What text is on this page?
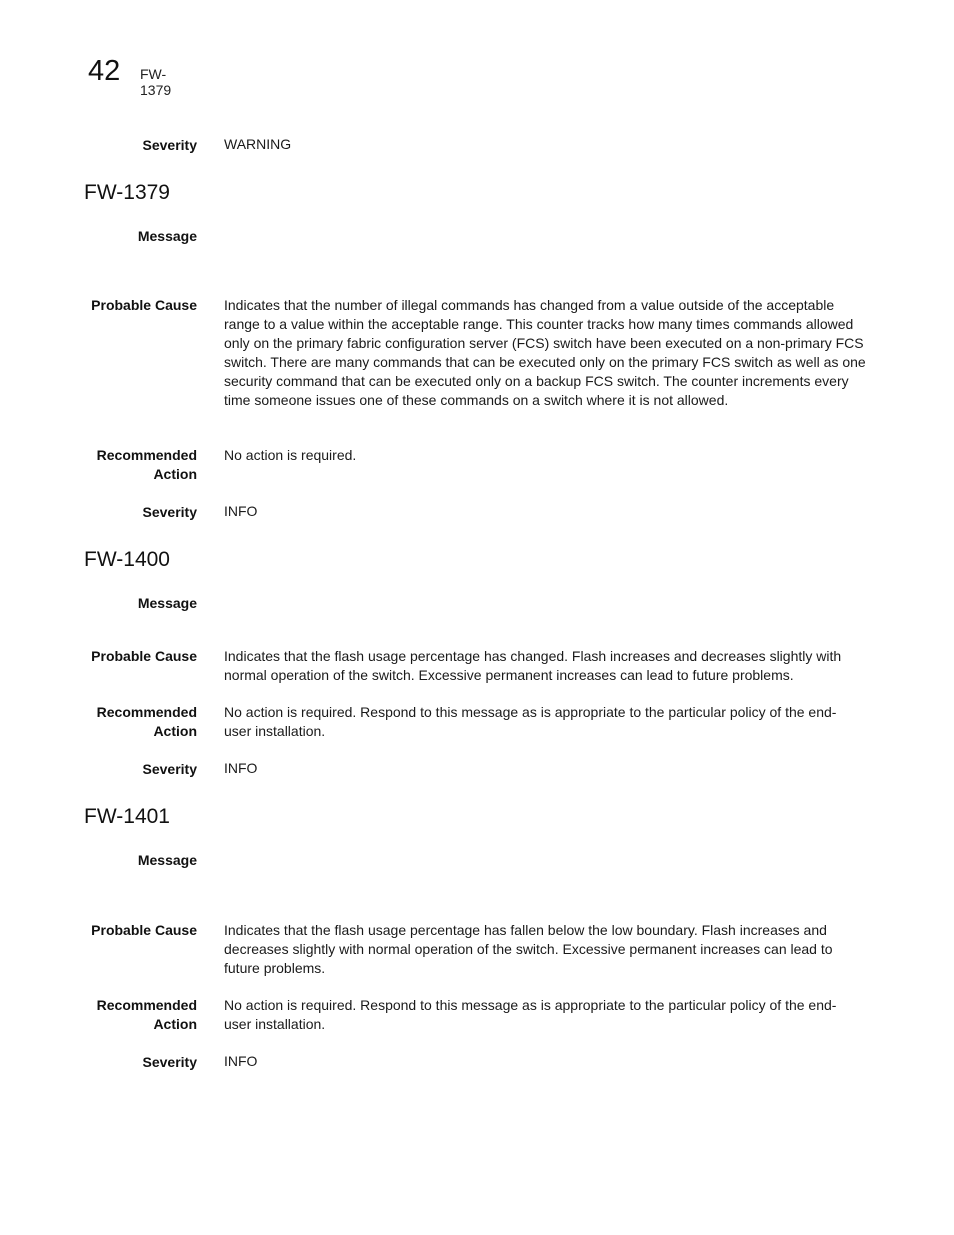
42 FW-1379
Severity WARNING
FW-1379
Message
Probable Cause Indicates that the number of illegal commands has changed from a value outside of the acceptable range to a value within the acceptable range. This counter tracks how many times commands allowed only on the primary fabric configuration server (FCS) switch have been executed on a non-primary FCS switch. There are many commands that can be executed only on the primary FCS switch as well as one security command that can be executed only on a backup FCS switch. The counter increments every time someone issues one of these commands on a switch where it is not allowed.
Recommended
Action
No action is required.
Severity INFO
FW-1400
Message
Probable Cause Indicates that the flash usage percentage has changed. Flash increases and decreases slightly with normal operation of the switch. Excessive permanent increases can lead to future problems.
Recommended
Action
No action is required. Respond to this message as is appropriate to the particular policy of the end-user installation.
Severity INFO
FW-1401
Message
Probable Cause Indicates that the flash usage percentage has fallen below the low boundary. Flash increases and decreases slightly with normal operation of the switch. Excessive permanent increases can lead to future problems.
Recommended
Action
No action is required. Respond to this message as is appropriate to the particular policy of the end-user installation.
Severity INFO
